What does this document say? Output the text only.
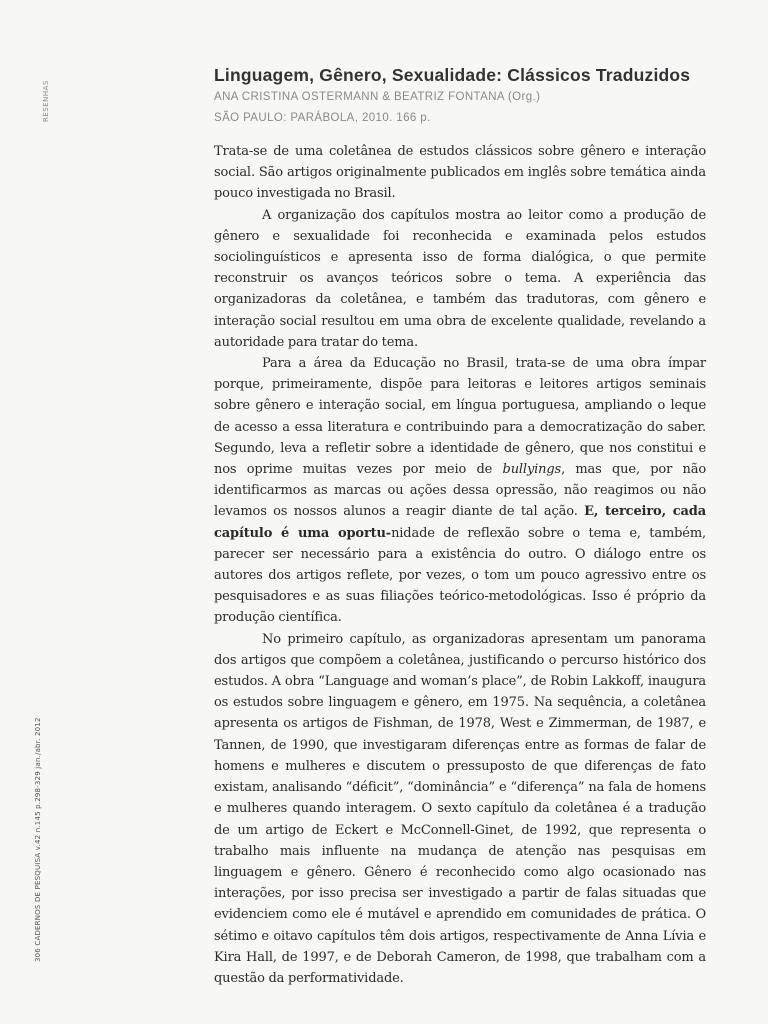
RESENHAS
306 CADERNOS DE PESQUISA v.42 n.145 p.298-329 jan./abr. 2012
Linguagem, Gênero, Sexualidade: Clássicos Traduzidos

ANA CRISTINA OSTERMANN & BEATRIZ FONTANA (Org.)

SÃO PAULO: PARÁBOLA, 2010. 166 p.

Trata-se de uma coletânea de estudos clássicos sobre gênero e interação social. São artigos originalmente publicados em inglês sobre temática ainda pouco investigada no Brasil.

A organização dos capítulos mostra ao leitor como a produção de gênero e sexualidade foi reconhecida e examinada pelos estudos sociolinguísticos e apresenta isso de forma dialógica, o que permite reconstruir os avanços teóricos sobre o tema. A experiência das organizadoras da coletânea, e também das tradutoras, com gênero e interação social resultou em uma obra de excelente qualidade, revelando a autoridade para tratar do tema.

Para a área da Educação no Brasil, trata-se de uma obra ímpar porque, primeiramente, dispõe para leitoras e leitores artigos seminais sobre gênero e interação social, em língua portuguesa, ampliando o leque de acesso a essa literatura e contribuindo para a democratização do saber. Segundo, leva a refletir sobre a identidade de gênero, que nos constitui e nos oprime muitas vezes por meio de bullyings, mas que, por não identificarmos as marcas ou ações dessa opressão, não reagimos ou não levamos os nossos alunos a reagir diante de tal ação. E, terceiro, cada capítulo é uma oportu-nidade de reflexão sobre o tema e, também, parecer ser necessário para a existência do outro. O diálogo entre os autores dos artigos reflete, por vezes, o tom um pouco agressivo entre os pesquisadores e as suas filiações teórico-metodológicas. Isso é próprio da produção científica.

No primeiro capítulo, as organizadoras apresentam um panorama dos artigos que compõem a coletânea, justificando o percurso histórico dos estudos. A obra “Language and woman’s place”, de Robin Lakkoff, inaugura os estudos sobre linguagem e gênero, em 1975. Na sequência, a coletânea apresenta os artigos de Fishman, de 1978, West e Zimmerman, de 1987, e Tannen, de 1990, que investigaram diferenças entre as formas de falar de homens e mulheres e discutem o pressuposto de que diferenças de fato existam, analisando “déficit”, “dominância” e “diferença” na fala de homens e mulheres quando interagem. O sexto capítulo da coletânea é a tradução de um artigo de Eckert e McConnell-Ginet, de 1992, que representa o trabalho mais influente na mudança de atenção nas pesquisas em linguagem e gênero. Gênero é reconhecido como algo ocasionado nas interações, por isso precisa ser investigado a partir de falas situadas que evidenciem como ele é mutável e aprendido em comunidades de prática. O sétimo e oitavo capítulos têm dois artigos, respectivamente de Anna Lívia e Kira Hall, de 1997, e de Deborah Cameron, de 1998, que trabalham com a questão da performatividade.
